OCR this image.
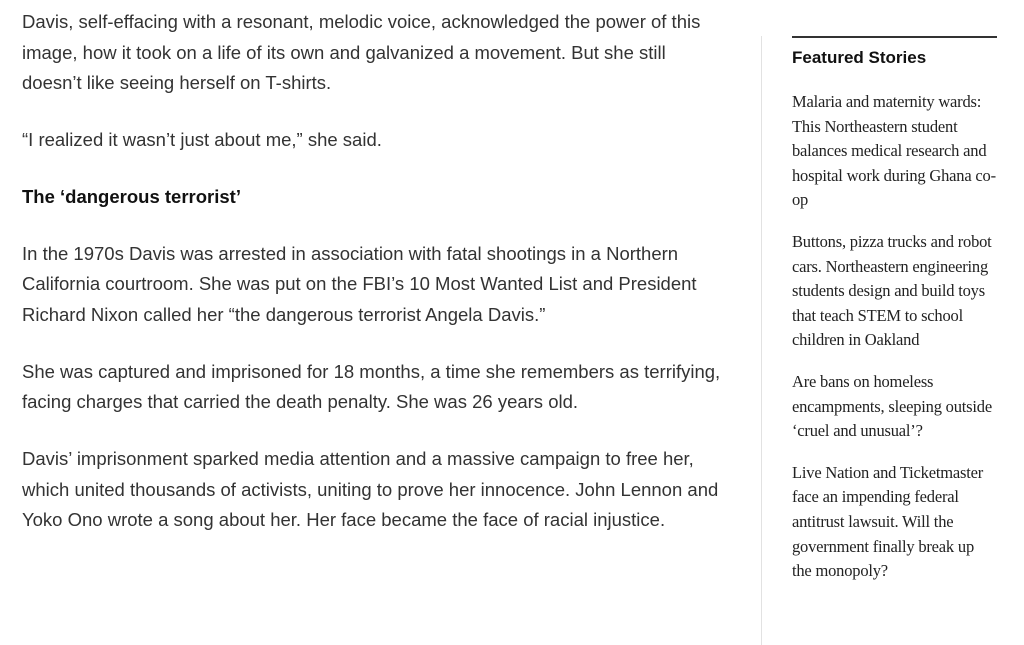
Davis, self-effacing with a resonant, melodic voice, acknowledged the power of this image, how it took on a life of its own and galvanized a movement. But she still doesn’t like seeing herself on T-shirts.

“I realized it wasn’t just about me,” she said.

The ‘dangerous terrorist’

In the 1970s Davis was arrested in association with fatal shootings in a Northern California courtroom. She was put on the FBI’s 10 Most Wanted List and President Richard Nixon called her “the dangerous terrorist Angela Davis.”

She was captured and imprisoned for 18 months, a time she remembers as terrifying, facing charges that carried the death penalty. She was 26 years old.

Davis’ imprisonment sparked media attention and a massive campaign to free her, which united thousands of activists, uniting to prove her innocence. John Lennon and Yoko Ono wrote a song about her. Her face became the face of racial injustice.

Featured Stories
Malaria and maternity wards: This Northeastern student balances medical research and hospital work during Ghana co-op
Buttons, pizza trucks and robot cars. Northeastern engineering students design and build toys that teach STEM to school children in Oakland
Are bans on homeless encampments, sleeping outside ‘cruel and unusual’?
Live Nation and Ticketmaster face an impending federal antitrust lawsuit. Will the government finally break up the monopoly?
